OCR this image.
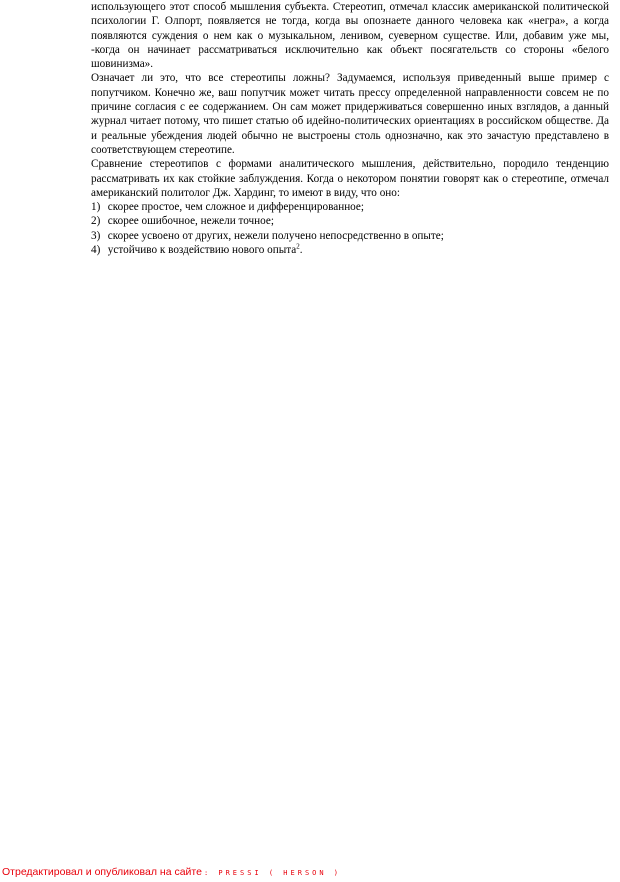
использующего этот способ мышления субъекта. Стереотип, отмечал классик американской политической психологии Г. Олпорт, появляется не тогда, когда вы опознаете данного человека как «негра», а когда появляются суждения о нем как о музыкальном, ленивом, суеверном существе. Или, добавим уже мы, -когда он начинает рассматриваться исключительно как объект посягательств со стороны «белого шовинизма».

Означает ли это, что все стереотипы ложны? Задумаемся, используя приведенный выше пример с попутчиком. Конечно же, ваш попутчик может читать прессу определенной направленности совсем не по причине согласия с ее содержанием. Он сам может придерживаться совершенно иных взглядов, а данный журнал читает потому, что пишет статью об идейно-политических ориентациях в российском обществе. Да и реальные убеждения людей обычно не выстроены столь однозначно, как это зачастую представлено в соответствующем стереотипе.

Сравнение стереотипов с формами аналитического мышления, действительно, породило тенденцию рассматривать их как стойкие заблуждения. Когда о некотором понятии говорят как о стереотипе, отмечал американский политолог Дж. Хардинг, то имеют в виду, что оно:

1) скорее простое, чем сложное и дифференцированное;
2) скорее ошибочное, нежели точное;
3) скорее усвоено от других, нежели получено непосредственно в опыте;
4) устойчиво к воздействию нового опыта$^2$.
Отредактировал и опубликовал на сайте : PRESSI ( HERSON )
